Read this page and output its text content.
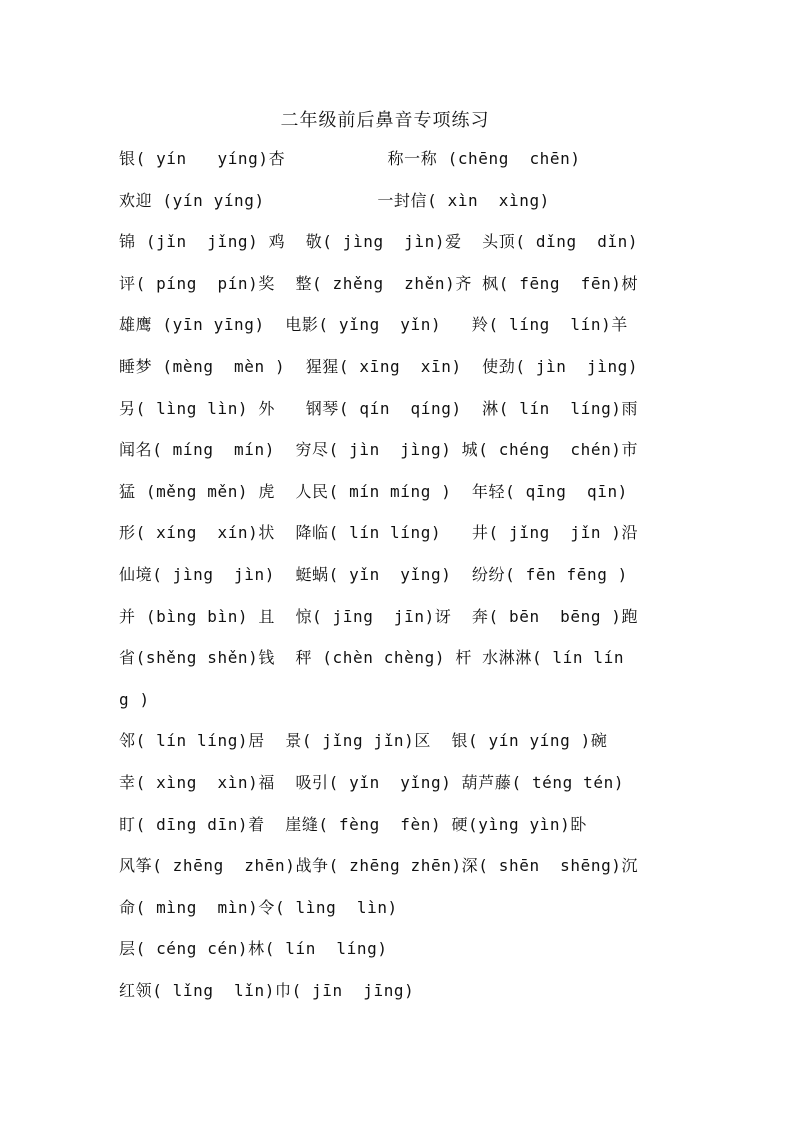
二年级前后鼻音专项练习
银( yín   yíng)杏          称一称 (chēng  chēn)
欢迎 (yín yíng)           一封信( xìn  xìng)
锦 (jǐn  jǐng) 鸡  敬( jìng  jìn)爱  头顶( dǐng  dǐn)
评( píng  pín)奖  整( zhěng  zhěn)齐 枫( fēng  fēn)树
雄鹰 (yīn yīng)  电影( yǐng  yǐn)   羚( líng  lín)羊
睡梦 (mèng  mèn )  猩猩( xīng  xīn)  使劲( jìn  jìng)
另( lìng lìn) 外   钢琴( qín  qíng)  淋( lín  líng)雨
闻名( míng  mín)  穷尽( jìn  jìng) 城( chéng  chén)市
猛 (měng měn) 虎  人民( mín míng )  年轻( qīng  qīn)
形( xíng  xín)状  降临( lín líng)   井( jǐng  jǐn )沿
仙境( jìng  jìn)  蜓蜗( yǐn  yǐng)  纷纷( fēn fēng )
并 (bìng bìn) 且  惊( jīng  jīn)讶  奔( bēn  bēng )跑
省(shěng shěn)钱  秤 (chèn chèng) 杆 水淋淋( lín lín
g )
邻( lín líng)居  景( jǐng jǐn)区  银( yín yíng )碗
幸( xìng  xìn)福  吸引( yǐn  yǐng) 葫芦藤( téng tén)
盯( dīng dīn)着  崖缝( fèng  fèn) 硬(yìng yìn)卧
风筝( zhēng  zhēn)战争( zhēng zhēn)深( shēn  shēng)沉
命( mìng  mìn)令( lìng  lìn)
层( céng cén)林( lín  líng)
红领( lǐng  lǐn)巾( jīn  jīng)
